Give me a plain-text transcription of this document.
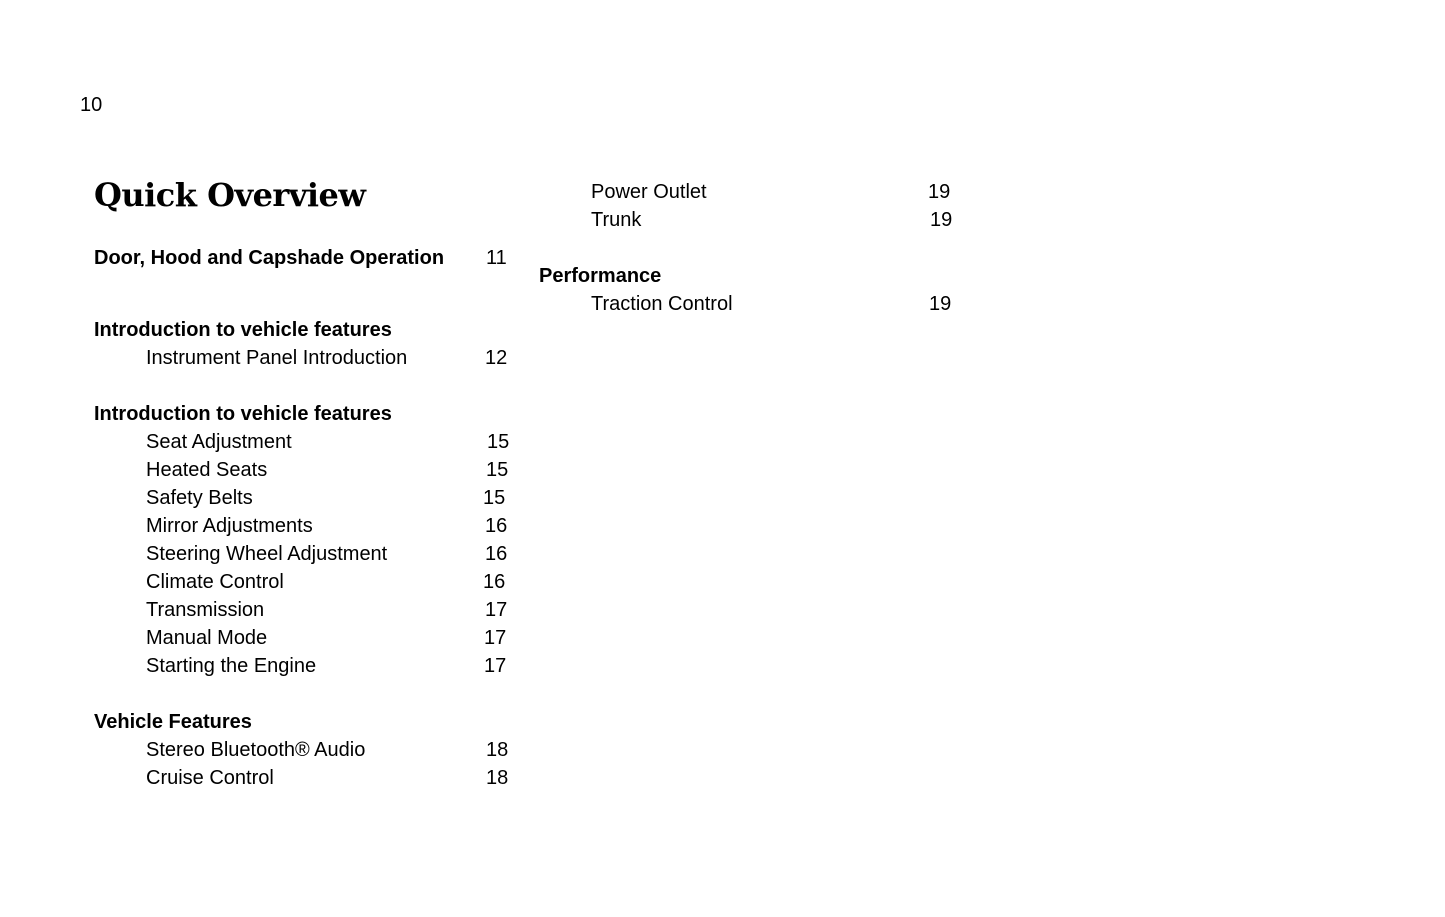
10
Quick Overview
Door, Hood and Capshade Operation 11
Introduction to vehicle features
Instrument Panel Introduction	12
Introduction to vehicle features
Seat Adjustment	15
Heated Seats	15
Safety Belts	15
Mirror Adjustments	16
Steering Wheel Adjustment	16
Climate Control	16
Transmission	17
Manual Mode	17
Starting the Engine	17
Vehicle Features
Stereo Bluetooth® Audio	18
Cruise Control	18
Power Outlet	19
Trunk	19
Performance
Traction Control	19
